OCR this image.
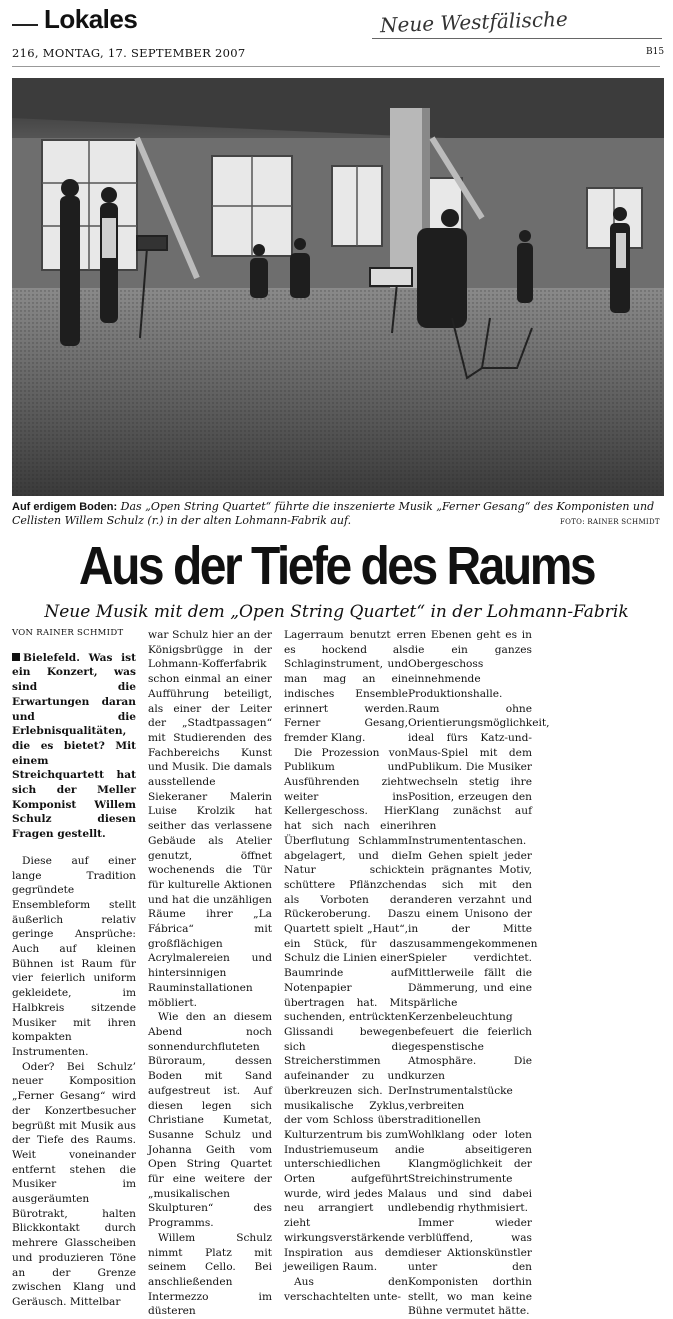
Lokales	Neue Westfälische
216, MONTAG, 17. SEPTEMBER 2007	B15
Auf erdigem Boden: Das „Open String Quartet“ führte die inszenierte Musik „Ferner Gesang“ des Komponisten und Cellisten Willem Schulz (r.) in der alten Lohmann-Fabrik auf.	FOTO: RAINER SCHMIDT
Aus der Tiefe des Raums
Neue Musik mit dem „Open String Quartet“ in der Lohmann-Fabrik

VON RAINER SCHMIDT

Bielefeld. Was ist ein Konzert, was sind die Erwartungen daran und die Erlebnisqualitäten, die es bietet? Mit einem Streichquartett hat sich der Meller Komponist Willem Schulz diesen Fragen gestellt.

Diese auf einer lange Tradition gegründete Ensembleform stellt äußerlich relativ geringe Ansprüche: Auch auf kleinen Bühnen ist Raum für vier feierlich uniform gekleidete, im Halbkreis sitzende Musiker mit ihren kompakten Instrumenten.

Oder? Bei Schulz’ neuer Komposition „Ferner Gesang“ wird der Konzertbesucher begrüßt mit Musik aus der Tiefe des Raums. Weit voneinander entfernt stehen die Musiker im ausgeräumten Bürotrakt, halten Blickkontakt durch mehrere Glasscheiben und produzieren Töne an der Grenze zwischen Klang und Geräusch. Mittelbar

war Schulz hier an der Königsbrügge in der Lohmann-Kofferfabrik schon einmal an einer Aufführung beteiligt, als einer der Leiter der „Stadtpassagen“ mit Studierenden des Fachbereichs Kunst und Musik. Die damals ausstellende Siekeraner Malerin Luise Krolzik hat seither das verlassene Gebäude als Atelier genutzt, öffnet wochenends die Tür für kulturelle Aktionen und hat die unzähligen Räume ihrer „La Fábrica“ mit großflächigen Acrylmalereien und hintersinnigen Rauminstallationen möbliert.

Wie den an diesem Abend noch sonnendurchfluteten Büroraum, dessen Boden mit Sand aufgestreut ist. Auf diesen legen sich Christiane Kumetat, Susanne Schulz und Johanna Geith vom Open String Quartet für eine weitere der „musikalischen Skulpturen“ des Programms.

Willem Schulz nimmt Platz mit seinem Cello. Bei anschließenden Intermezzo im düsteren

Lagerraum benutzt er es hockend als Schlaginstrument, und man mag an ein indisches Ensemble erinnert werden. Ferner Gesang, fremder Klang.

Die Prozession von Publikum und Ausführenden zieht weiter ins Kellergeschoss. Hier hat sich nach einer Überflutung Schlamm abgelagert, und die Natur schickt schüttere Pflänzchen als Vorboten der Rückeroberung. Das Quartett spielt „Haut“, ein Stück, für das Schulz die Linien einer Baumrinde auf Notenpapier übertragen hat. Mit suchenden, entrückten Glissandi bewegen sich die Streicherstimmen aufeinander zu und überkreuzen sich. Der musikalische Zyklus, der vom Schloss übers Kulturzentrum bis zum Industriemuseum an unterschiedlichen Orten aufgeführt wurde, wird jedes Mal neu arrangiert und zieht wirkungsverstärkende Inspiration aus dem jeweiligen Raum.

Aus den verschachtelten unte-

ren Ebenen geht es in die ein ganzes Obergeschoss einnehmende Produktionshalle. Raum ohne Orientierungsmöglichkeit, ideal fürs Katz-und-Maus-Spiel mit dem Publikum. Die Musiker wechseln stetig ihre Position, erzeugen den Klang zunächst auf ihren Instrumententaschen. Im Gehen spielt jeder ein prägnantes Motiv, das sich mit den anderen verzahnt und zu einem Unisono der in der Mitte zusammengekommenen Spieler verdichtet. Mittlerweile fällt die Dämmerung, und eine spärliche Kerzenbeleuchtung befeuert die feierlich gespenstische Atmosphäre. Die kurzen Instrumentalstücke verbreiten traditionellen Wohlklang oder loten die abseitigeren Klangmöglichkeit der Streichinstrumente aus und sind dabei lebendig rhythmisiert.

Immer wieder verblüffend, was dieser Aktionskünstler unter den Komponisten dorthin stellt, wo man keine Bühne vermutet hätte.
